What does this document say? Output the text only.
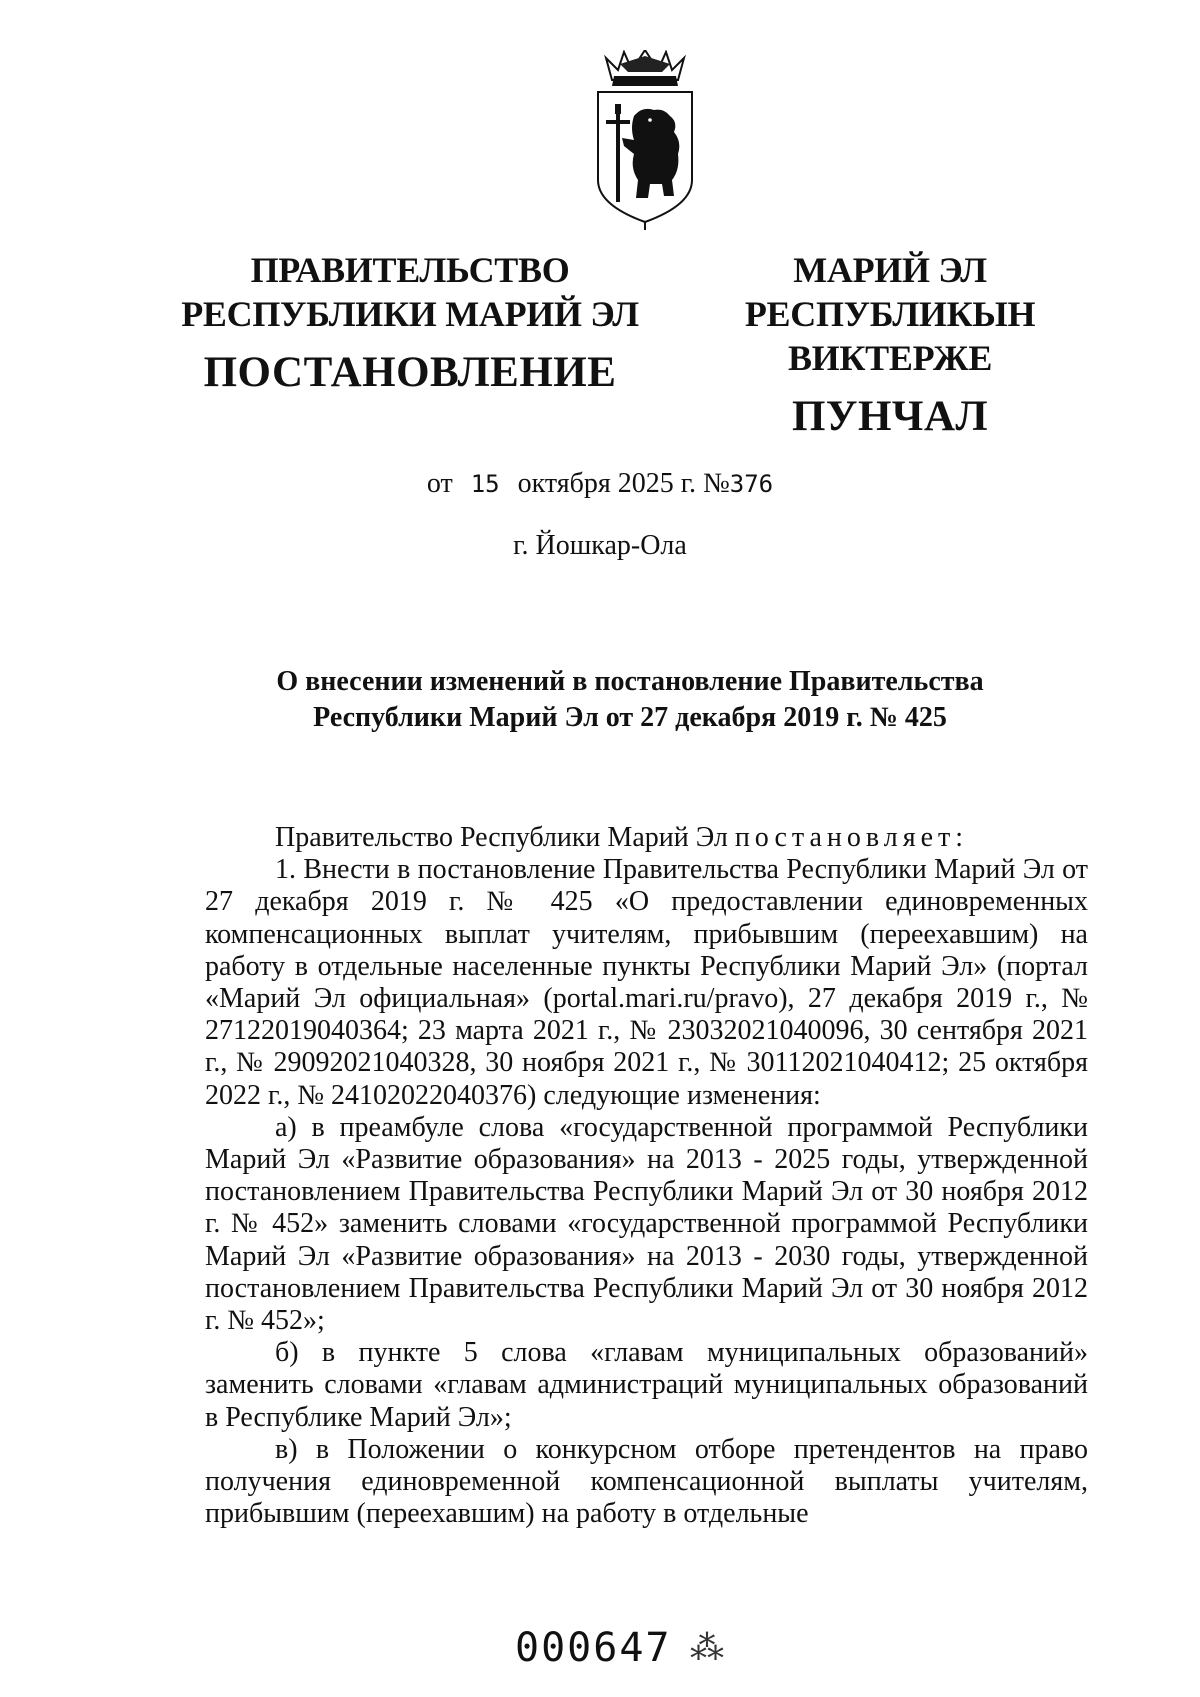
ПРАВИТЕЛЬСТВО
РЕСПУБЛИКИ МАРИЙ ЭЛ
ПОСТАНОВЛЕНИЕ
МАРИЙ ЭЛ РЕСПУБЛИКЫН
ВИКТЕРЖЕ
ПУНЧАЛ
от 15 октября 2025 г. №376
г. Йошкар-Ола
О внесении изменений в постановление Правительства
Республики Марий Эл от 27 декабря 2019 г. № 425

Правительство Республики Марий Эл постановляет:

1. Внести в постановление Правительства Республики Марий Эл от 27 декабря 2019 г. № 425 «О предоставлении единовременных компенсационных выплат учителям, прибывшим (переехавшим) на работу в отдельные населенные пункты Республики Марий Эл» (портал «Марий Эл официальная» (portal.mari.ru/pravo), 27 декабря 2019 г., № 27122019040364; 23 марта 2021 г., № 23032021040096, 30 сентября 2021 г., № 29092021040328, 30 ноября 2021 г., № 30112021040412; 25 октября 2022 г., № 24102022040376) следующие изменения:

а) в преамбуле слова «государственной программой Республики Марий Эл «Развитие образования» на 2013 - 2025 годы, утвержденной постановлением Правительства Республики Марий Эл от 30 ноября 2012 г. № 452» заменить словами «государственной программой Республики Марий Эл «Развитие образования» на 2013 - 2030 годы, утвержденной постановлением Правительства Республики Марий Эл от 30 ноября 2012 г. № 452»;

б) в пункте 5 слова «главам муниципальных образований» заменить словами «главам администраций муниципальных образований в Республике Марий Эл»;

в) в Положении о конкурсном отборе претендентов на право получения единовременной компенсационной выплаты учителям, прибывшим (переехавшим) на работу в отдельные

000647 ⁂
